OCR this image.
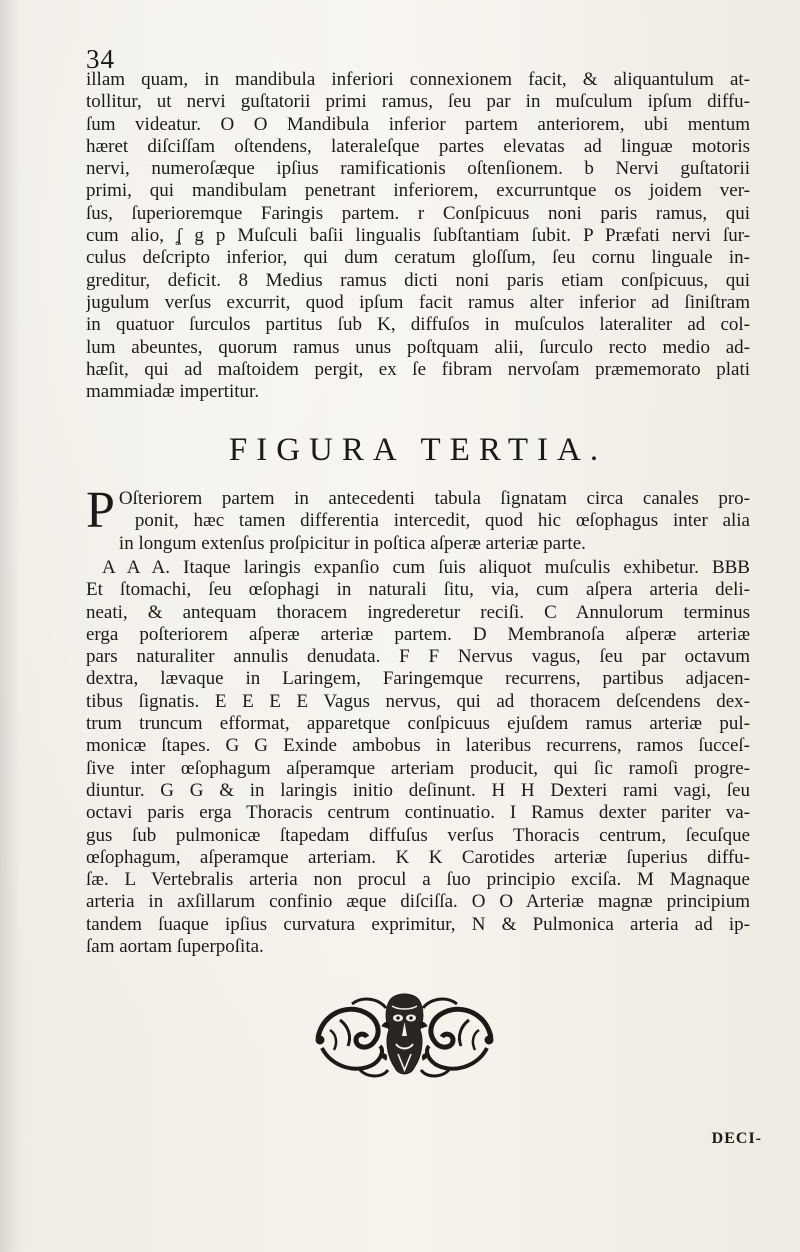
34
illam quam, in mandibula inferiori connexionem facit, & aliquantulum at-
tollitur, ut nervi guſtatorii primi ramus, ſeu par in muſculum ipſum diffu-
ſum videatur. O O Mandibula inferior partem anteriorem, ubi mentum
hæret diſciſſam oſtendens, lateraleſque partes elevatas ad linguæ motoris
nervi, numeroſæque ipſius ramificationis oſtenſionem. b Nervi guſtatorii
primi, qui mandibulam penetrant inferiorem, excurruntque os joidem ver-
ſus, ſuperioremque Faringis partem. r Conſpicuus noni paris ramus, qui
cum alio, ʆ g p Muſculi baſii lingualis ſubſtantiam ſubit. P Præfati nervi ſur-
culus deſcripto inferior, qui dum ceratum gloſſum, ſeu cornu linguale in-
greditur, deficit. 8 Medius ramus dicti noni paris etiam conſpicuus, qui
jugulum verſus excurrit, quod ipſum facit ramus alter inferior ad ſiniſtram
in quatuor ſurculos partitus ſub K, diffuſos in muſculos lateraliter ad col-
lum abeuntes, quorum ramus unus poſtquam alii, ſurculo recto medio ad-
hæſit, qui ad maſtoidem pergit, ex ſe fibram nervoſam præmemorato plati
mammiadæ impertitur.
FIGURA TERTIA.
P Oſteriorem partem in antecedenti tabula ſignatam circa canales pro-
ponit, hæc tamen differentia intercedit, quod hic œſophagus inter alia
in longum extenſus proſpicitur in poſtica aſperæ arteriæ parte.
A A A. Itaque laringis expanſio cum ſuis aliquot muſculis exhibetur. BBB
Et ſtomachi, ſeu œſophagi in naturali ſitu, via, cum aſpera arteria deli-
neati, & antequam thoracem ingrederetur reciſi. C Annulorum terminus
erga poſteriorem aſperæ arteriæ partem. D Membranoſa aſperæ arteriæ
pars naturaliter annulis denudata. F F Nervus vagus, ſeu par octavum
dextra, lævaque in Laringem, Faringemque recurrens, partibus adjacen-
tibus ſignatis. E E E E Vagus nervus, qui ad thoracem deſcendens dex-
trum truncum efformat, apparetque conſpicuus ejuſdem ramus arteriæ pul-
monicæ ſtapes. G G Exinde ambobus in lateribus recurrens, ramos ſucceſ-
ſive inter œſophagum aſperamque arteriam producit, qui ſic ramoſi progre-
diuntur. G G & in laringis initio deſinunt. H H Dexteri rami vagi, ſeu
octavi paris erga Thoracis centrum continuatio. I Ramus dexter pariter va-
gus ſub pulmonicæ ſtapedam diffuſus verſus Thoracis centrum, ſecuſque
œſophagum, aſperamque arteriam. K K Carotides arteriæ ſuperius diffu-
ſæ. L Vertebralis arteria non procul a ſuo principio exciſa. M Magnaque
arteria in axſillarum confinio æque diſciſſa. O O Arteriæ magnæ principium
tandem ſuaque ipſius curvatura exprimitur, N & Pulmonica arteria ad ip-
ſam aortam ſuperpoſita.
DECI-
